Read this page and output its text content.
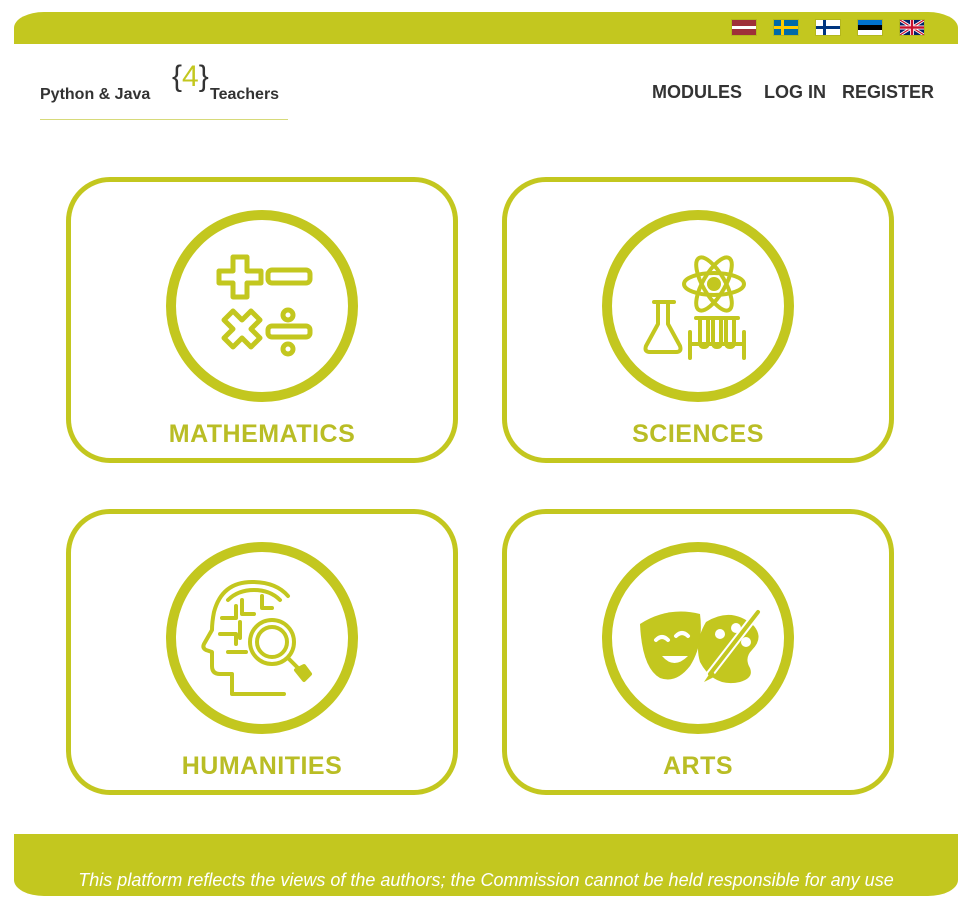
Python & Java
{4}
Teachers	MODULES LOG IN REGISTER
MATHEMATICS	SCIENCES
HUMANITIES	ARTS
This platform reflects the views of the authors; the Commission cannot be held responsible for any use
